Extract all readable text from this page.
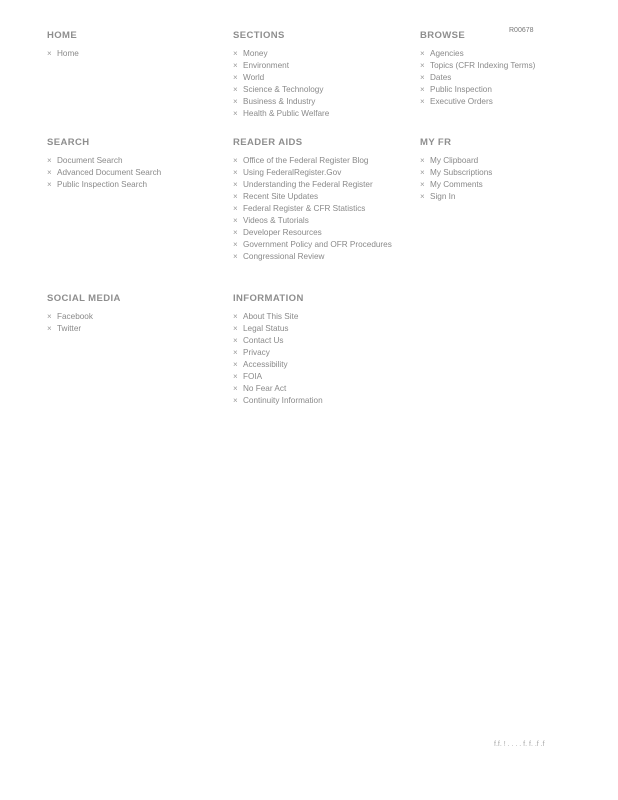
R00678
HOME
× Home
SECTIONS
× Money
× Environment
× World
× Science & Technology
× Business & Industry
× Health & Public Welfare
BROWSE
× Agencies
× Topics (CFR Indexing Terms)
× Dates
× Public Inspection
× Executive Orders
SEARCH
× Document Search
× Advanced Document Search
× Public Inspection Search
READER AIDS
× Office of the Federal Register Blog
× Using FederalRegister.Gov
× Understanding the Federal Register
× Recent Site Updates
× Federal Register & CFR Statistics
× Videos & Tutorials
× Developer Resources
× Government Policy and OFR Procedures
× Congressional Review
MY FR
× My Clipboard
× My Subscriptions
× My Comments
× Sign In
SOCIAL MEDIA
× Facebook
× Twitter
INFORMATION
× About This Site
× Legal Status
× Contact Us
× Privacy
× Accessibility
× FOIA
× No Fear Act
× Continuity Information
f.f. ! . . . . f. f. .f .f
